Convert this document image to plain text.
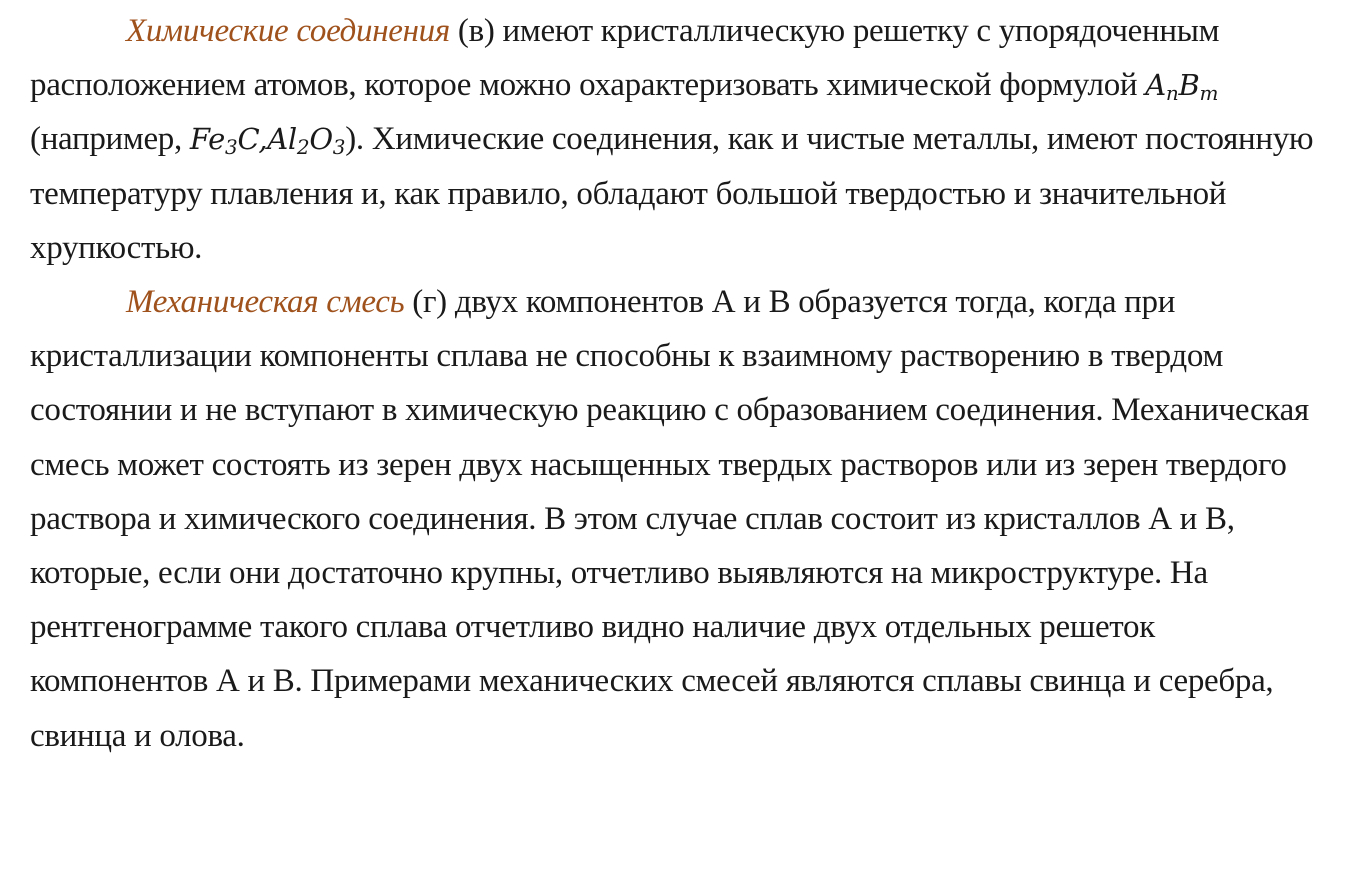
Химические соединения (в) имеют кристаллическую решетку с упорядоченным расположением атомов, которое можно охарактеризовать химической формулой $A_nB_m$ (например, $Fe_3C,Al_2O_3$). Химические соединения, как и чистые металлы, имеют постоянную температуру плавления и, как правило, обладают большой твердостью и значительной хрупкостью.

Механическая смесь (г) двух компонентов А и В образуется тогда, когда при кристаллизации компоненты сплава не способны к взаимному растворению в твердом состоянии и не вступают в химическую реакцию с образованием соединения. Механическая смесь может состоять из зерен двух насыщенных твердых растворов или из зерен твердого раствора и химического соединения. В этом случае сплав состоит из кристаллов А и В, которые, если они достаточно крупны, отчетливо выявляются на микроструктуре. На рентгенограмме такого сплава отчетливо видно наличие двух отдельных решеток компонентов А и В. Примерами механических смесей являются сплавы свинца и серебра, свинца и олова.
